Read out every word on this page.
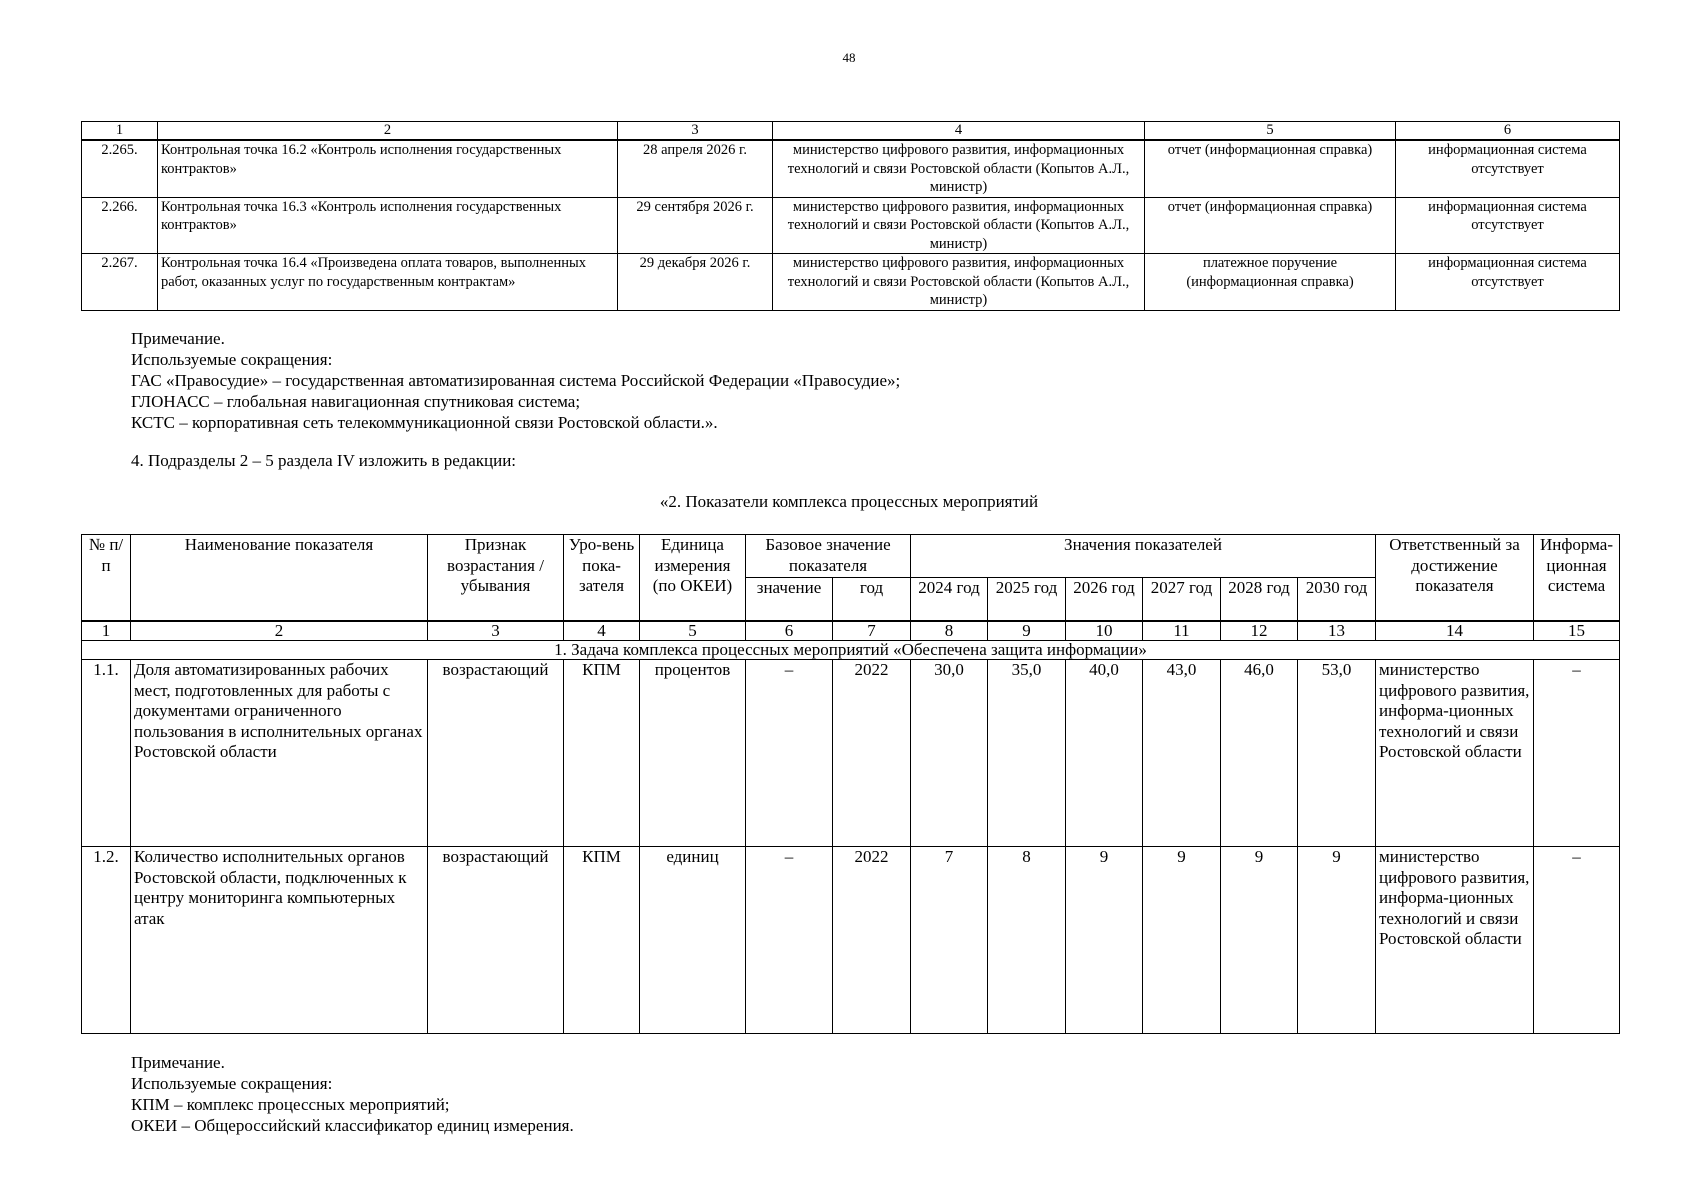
48
1	2	3	4	5	6
2.265.	Контрольная точка 16.2 «Контроль исполнения государственных контрактов»	28 апреля 2026 г.	министерство цифрового развития, информационных технологий и связи Ростовской области (Копытов А.Л., министр)	отчет (информационная справка)	информационная система отсутствует
2.266.	Контрольная точка 16.3 «Контроль исполнения государственных контрактов»	29 сентября 2026 г.	министерство цифрового развития, информационных технологий и связи Ростовской области (Копытов А.Л., министр)	отчет (информационная справка)	информационная система отсутствует
2.267.	Контрольная точка 16.4 «Произведена оплата товаров, выполненных работ, оказанных услуг по государственным контрактам»	29 декабря 2026 г.	министерство цифрового развития, информационных технологий и связи Ростовской области (Копытов А.Л., министр)	платежное поручение (информационная справка)	информационная система отсутствует
Примечание.
Используемые сокращения:
ГАС «Правосудие» – государственная автоматизированная система Российской Федерации «Правосудие»;
ГЛОНАСС – глобальная навигационная спутниковая система;
КСТС – корпоративная сеть телекоммуникационной связи Ростовской области.».
4. Подразделы 2 – 5 раздела IV изложить в редакции:
«2. Показатели комплекса процессных мероприятий
№ п/п	Наименование показателя	Признак возрастания / убывания	Уро-вень пока-зателя	Единица измерения (по ОКЕИ)	Базовое значение показателя		Значения показателей						Ответственный за достижение показателя	Информа-ционная система
					значение	год	2024 год	2025 год	2026 год	2027 год	2028 год	2030 год		
1	2	3	4	5	6	7	8	9	10	11	12	13	14	15
1. Задача комплекса процессных мероприятий «Обеспечена защита информации»														
1.1.	Доля автоматизированных рабочих мест, подготовленных для работы с документами ограниченного пользования в исполнительных органах Ростовской области	возрастающий	КПМ	процентов	–	2022	30,0	35,0	40,0	43,0	46,0	53,0	министерство цифрового развития, информа-ционных технологий и связи Ростовской области	–
1.2.	Количество исполнительных органов Ростовской области, подключенных к центру мониторинга компьютерных атак	возрастающий	КПМ	единиц	–	2022	7	8	9	9	9	9	министерство цифрового развития, информа-ционных технологий и связи Ростовской области	–
Примечание.
Используемые сокращения:
КПМ – комплекс процессных мероприятий;
ОКЕИ – Общероссийский классификатор единиц измерения.
